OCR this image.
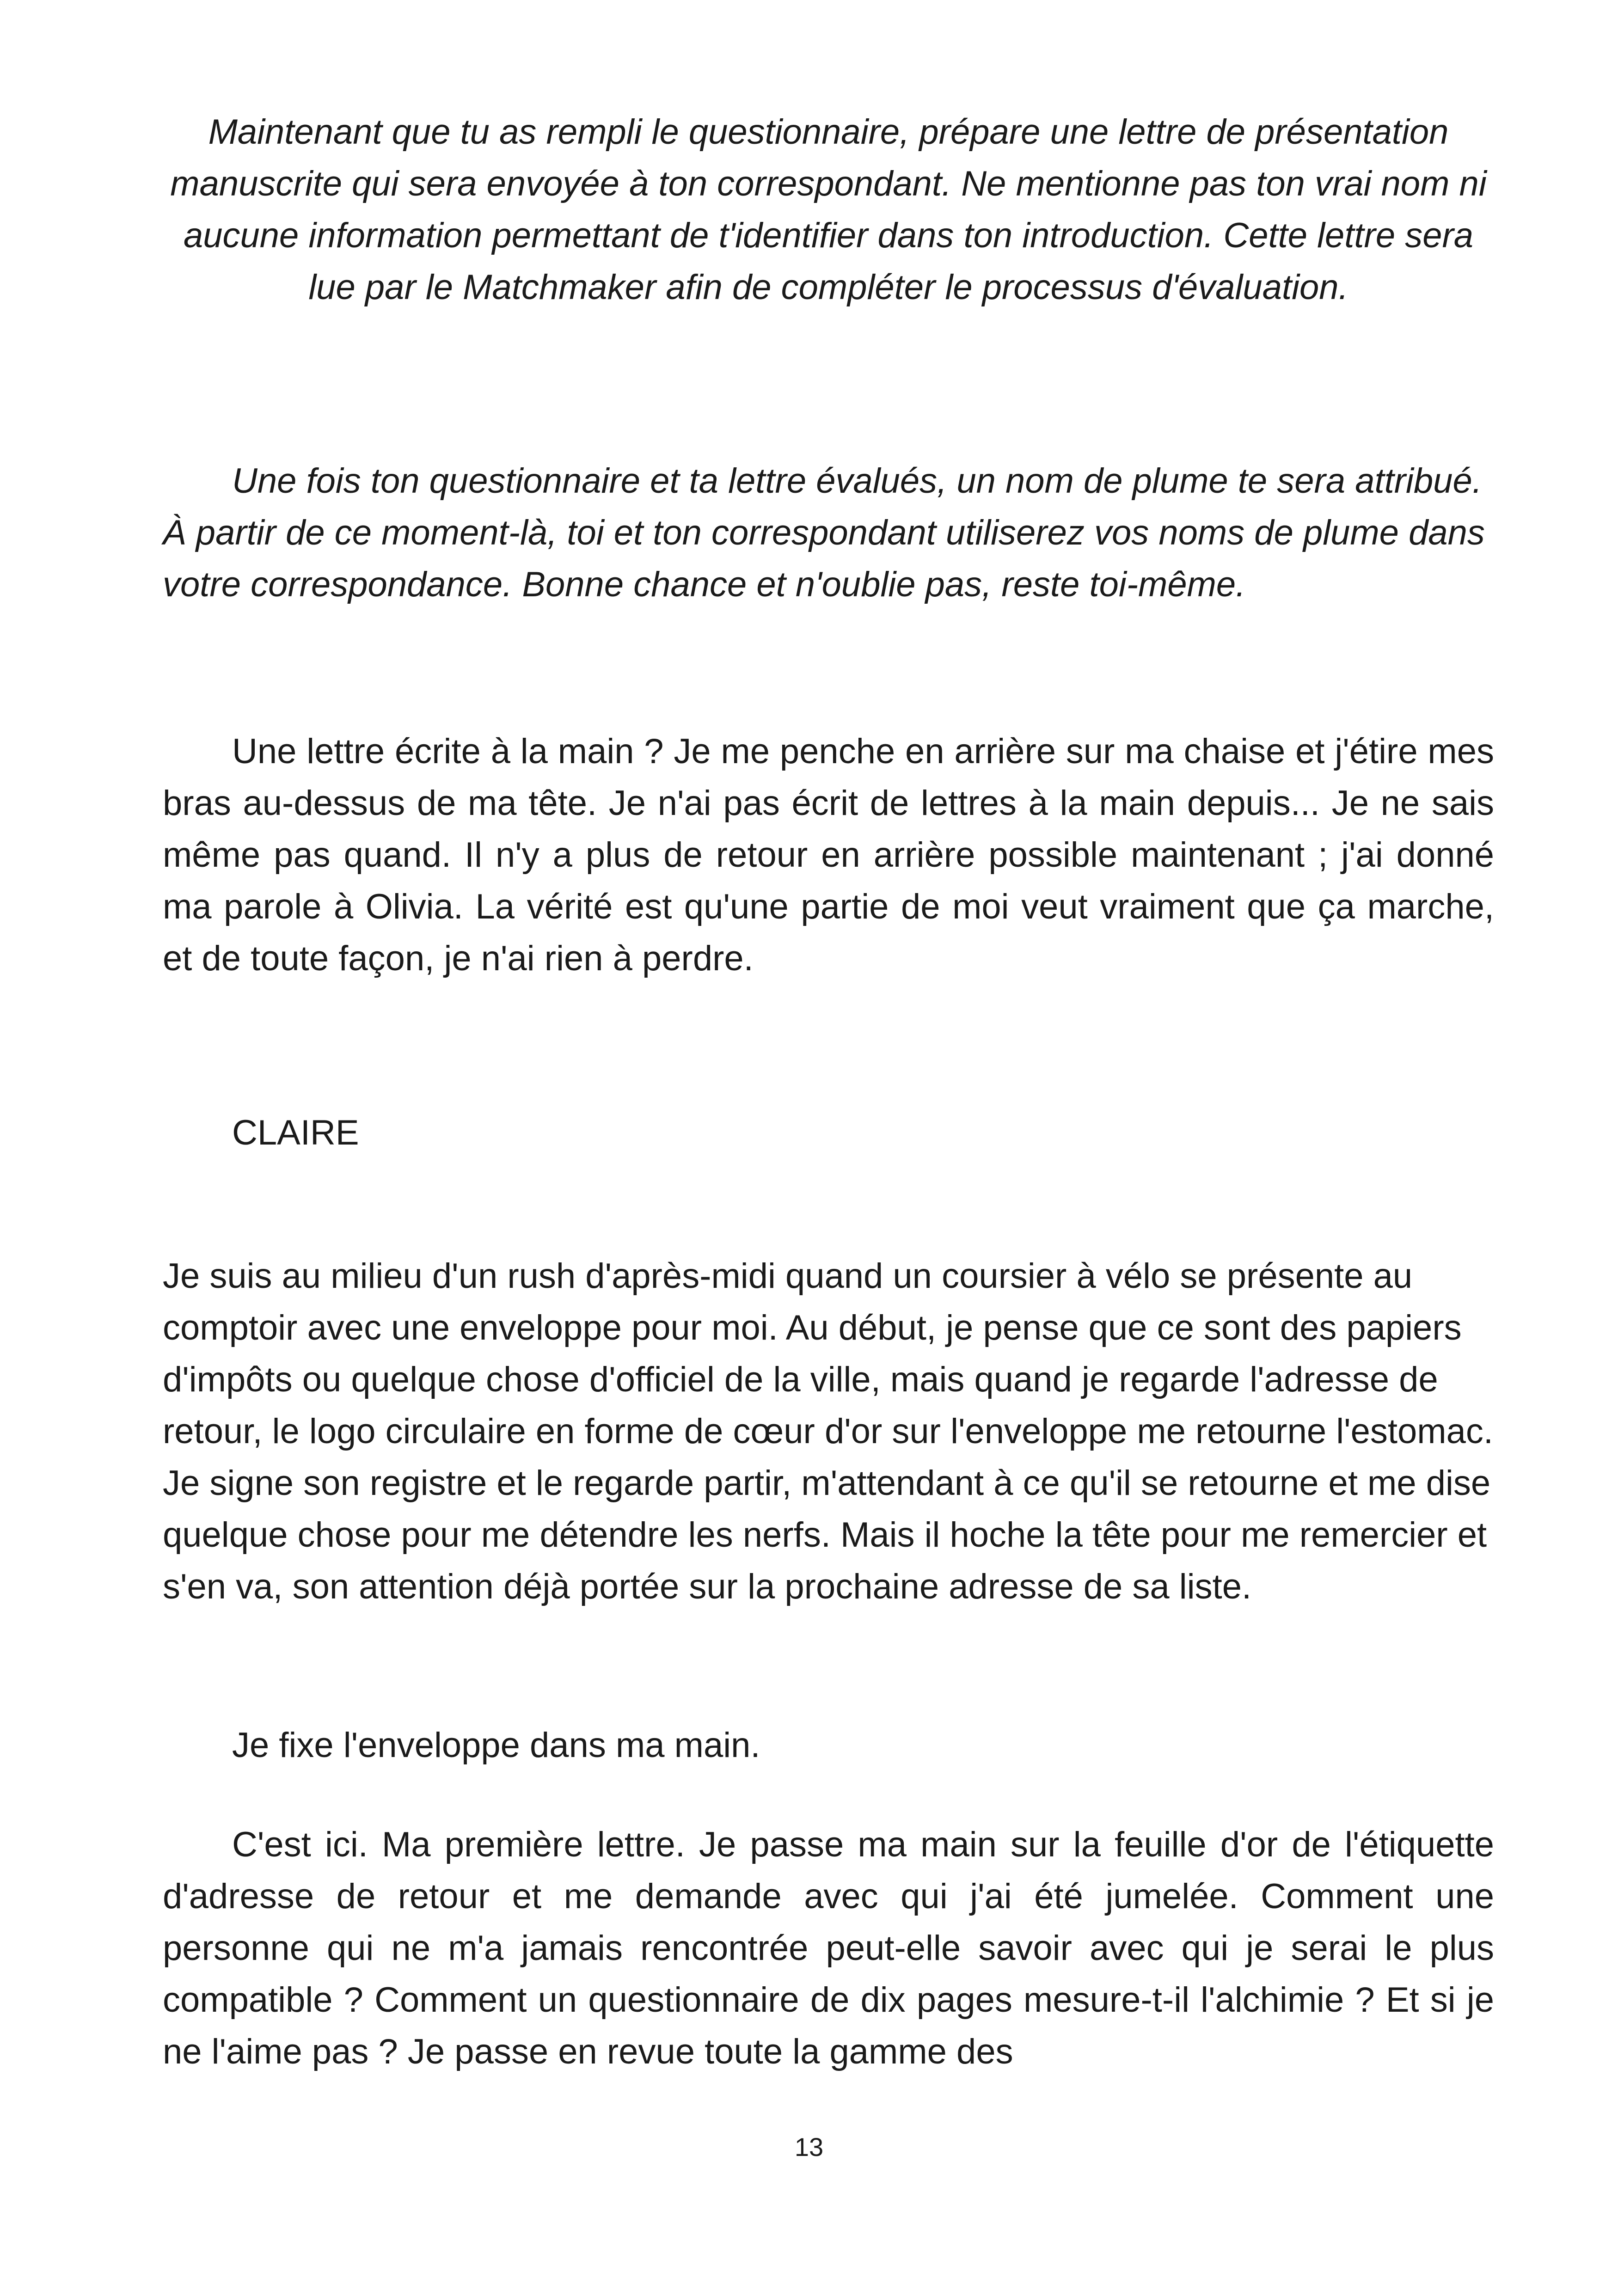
Maintenant que tu as rempli le questionnaire, prépare une lettre de présentation manuscrite qui sera envoyée à ton correspondant. Ne mentionne pas ton vrai nom ni aucune information permettant de t'identifier dans ton introduction. Cette lettre sera lue par le Matchmaker afin de compléter le processus d'évaluation.

Une fois ton questionnaire et ta lettre évalués, un nom de plume te sera attribué. À partir de ce moment-là, toi et ton correspondant utiliserez vos noms de plume dans votre correspondance. Bonne chance et n'oublie pas, reste toi-même.

Une lettre écrite à la main ? Je me penche en arrière sur ma chaise et j'étire mes bras au-dessus de ma tête. Je n'ai pas écrit de lettres à la main depuis... Je ne sais même pas quand. Il n'y a plus de retour en arrière possible maintenant ; j'ai donné ma parole à Olivia. La vérité est qu'une partie de moi veut vraiment que ça marche, et de toute façon, je n'ai rien à perdre.

CLAIRE

Je suis au milieu d'un rush d'après-midi quand un coursier à vélo se présente au comptoir avec une enveloppe pour moi. Au début, je pense que ce sont des papiers d'impôts ou quelque chose d'officiel de la ville, mais quand je regarde l'adresse de retour, le logo circulaire en forme de cœur d'or sur l'enveloppe me retourne l'estomac. Je signe son registre et le regarde partir, m'attendant à ce qu'il se retourne et me dise quelque chose pour me détendre les nerfs. Mais il hoche la tête pour me remercier et s'en va, son attention déjà portée sur la prochaine adresse de sa liste.

Je fixe l'enveloppe dans ma main.

C'est ici. Ma première lettre. Je passe ma main sur la feuille d'or de l'étiquette d'adresse de retour et me demande avec qui j'ai été jumelée. Comment une personne qui ne m'a jamais rencontrée peut-elle savoir avec qui je serai le plus compatible ? Comment un questionnaire de dix pages mesure-t-il l'alchimie ? Et si je ne l'aime pas ? Je passe en revue toute la gamme des

13
